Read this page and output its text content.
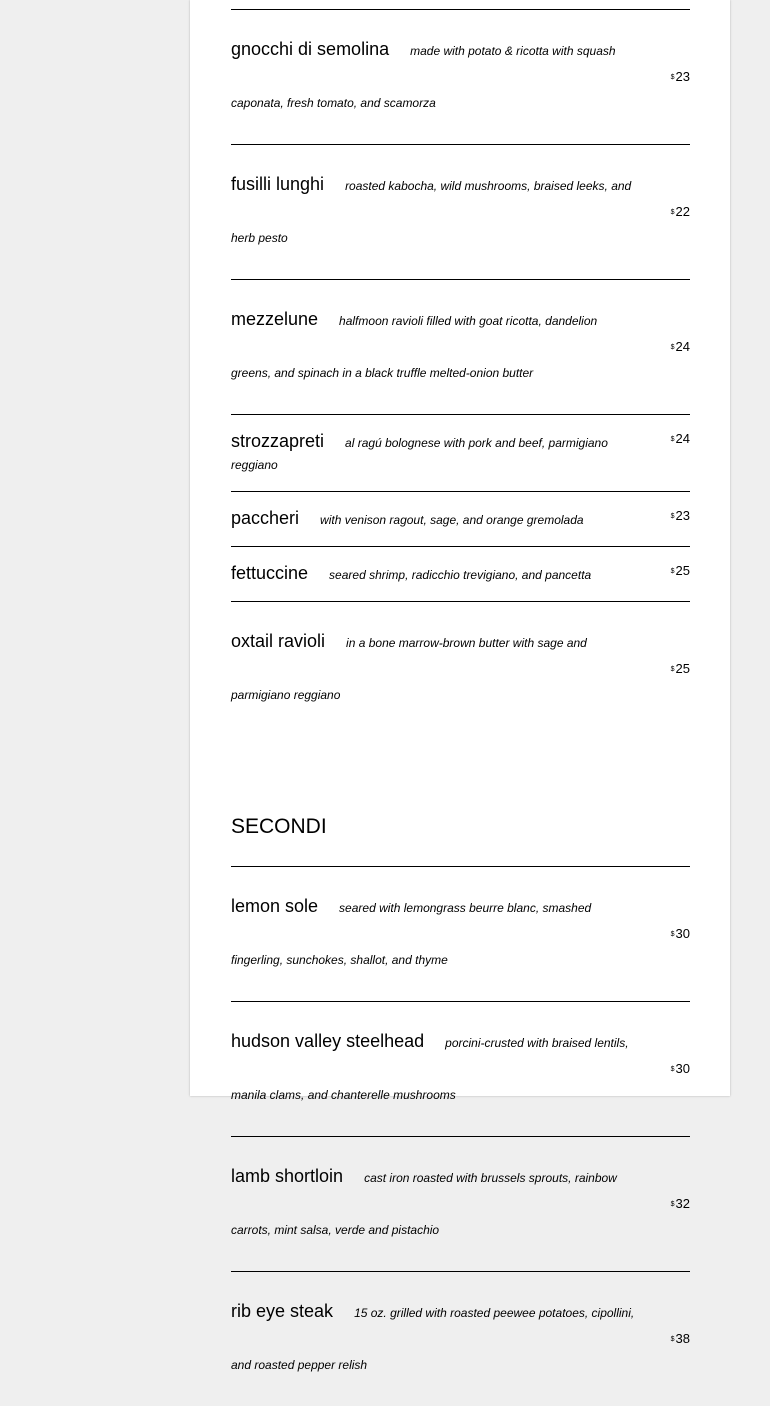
gnocchi di semolina made with potato & ricotta with squash caponata, fresh tomato, and scamorza
$23
fusilli lunghi roasted kabocha, wild mushrooms, braised leeks, and herb pesto
$22
mezzelune halfmoon ravioli filled with goat ricotta, dandelion greens, and spinach in a black truffle melted-onion butter
$24
strozzapreti al ragú bolognese with pork and beef, parmigiano reggiano
$24
paccheri with venison ragout, sage, and orange gremolada	$23
fettuccine seared shrimp, radicchio trevigiano, and pancetta	$25
oxtail ravioli in a bone marrow-brown butter with sage and parmigiano reggiano
$25
SECONDI
lemon sole seared with lemongrass beurre blanc, smashed fingerling, sunchokes, shallot, and thyme
$30
hudson valley steelhead porcini-crusted with braised lentils, manila clams, and chanterelle mushrooms
$30
lamb shortloin cast iron roasted with brussels sprouts, rainbow carrots, mint salsa, verde and pistachio
$32
rib eye steak 15 oz. grilled with roasted peewee potatoes, cipollini, and roasted pepper relish
$38
